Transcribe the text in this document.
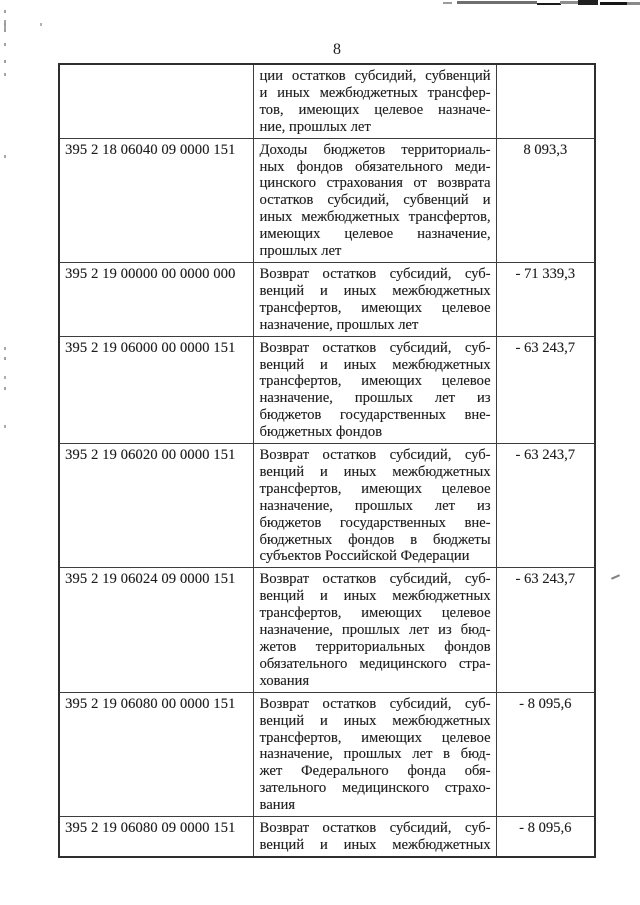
8

	ции остатков субсидий, субвенций
и иных межбюджетных трансфер-
тов, имеющих целевое назначе-
ние, прошлых лет	

395 2 18 06040 09 0000 151	Доходы бюджетов территориаль-
ных фондов обязательного меди-
цинского страхования от возврата
остатков субсидий, субвенций и
иных межбюджетных трансфертов,
имеющих целевое назначение,
прошлых лет
	8 093,3
395 2 19 00000 00 0000 000	Возврат остатков субсидий, суб-
венций и иных межбюджетных
трансфертов, имеющих целевое
назначение, прошлых лет	- 71 339,3
395 2 19 06000 00 0000 151	Возврат остатков субсидий, суб-
венций и иных межбюджетных
трансфертов, имеющих целевое
назначение, прошлых лет из
бюджетов государственных вне-
бюджетных фондов
	- 63 243,7
395 2 19 06020 00 0000 151	Возврат остатков субсидий, суб-
венций и иных межбюджетных
трансфертов, имеющих целевое
назначение, прошлых лет из
бюджетов государственных вне-
бюджетных фондов в бюджеты
субъектов Российской Федерации
	- 63 243,7
395 2 19 06024 09 0000 151	Возврат остатков субсидий, суб-
венций и иных межбюджетных
трансфертов, имеющих целевое
назначение, прошлых лет из бюд-
жетов территориальных фондов
обязательного медицинского стра-
хования
	- 63 243,7
395 2 19 06080 00 0000 151	Возврат остатков субсидий, суб-
венций и иных межбюджетных
трансфертов, имеющих целевое
назначение, прошлых лет в бюд-
жет Федерального фонда обя-
зательного медицинского страхо-
вания
	- 8 095,6
395 2 19 06080 09 0000 151	Возврат остатков субсидий, суб-
венций и иных межбюджетных	- 8 095,6
